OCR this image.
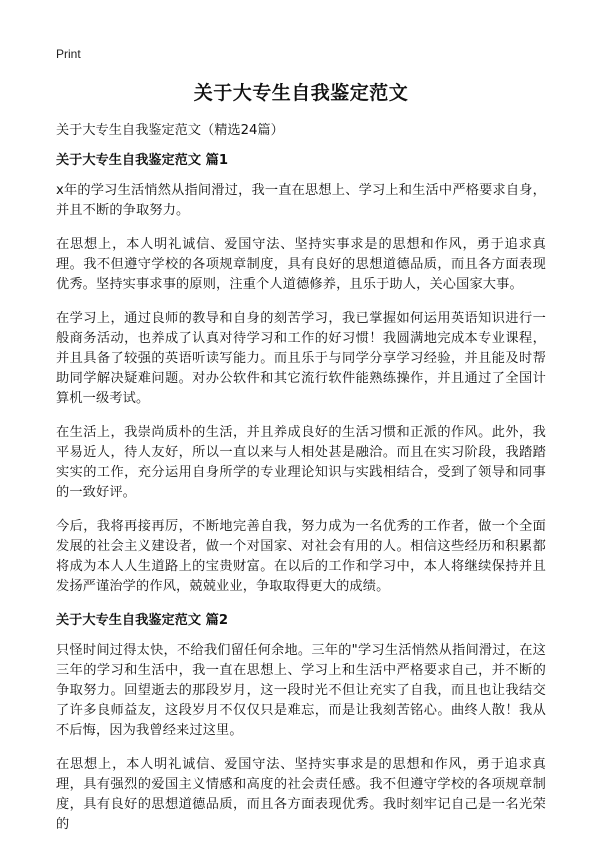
Print
关于大专生自我鉴定范文
关于大专生自我鉴定范文（精选24篇）
关于大专生自我鉴定范文 篇1

x年的学习生活悄然从指间滑过，我一直在思想上、学习上和生活中严格要求自身，并且不断的争取努力。

在思想上，本人明礼诚信、爱国守法、坚持实事求是的思想和作风，勇于追求真理。我不但遵守学校的各项规章制度，具有良好的思想道德品质，而且各方面表现优秀。坚持实事求事的原则，注重个人道德修养，且乐于助人，关心国家大事。

在学习上，通过良师的教导和自身的刻苦学习，我已掌握如何运用英语知识进行一般商务活动，也养成了认真对待学习和工作的好习惯！我圆满地完成本专业课程，并且具备了较强的英语听读写能力。而且乐于与同学分享学习经验，并且能及时帮助同学解决疑难问题。对办公软件和其它流行软件能熟练操作，并且通过了全国计算机一级考试。

在生活上，我崇尚质朴的生活，并且养成良好的生活习惯和正派的作风。此外，我平易近人，待人友好，所以一直以来与人相处甚是融洽。而且在实习阶段，我踏踏实实的工作，充分运用自身所学的专业理论知识与实践相结合，受到了领导和同事的一致好评。

今后，我将再接再厉，不断地完善自我，努力成为一名优秀的工作者，做一个全面发展的社会主义建设者，做一个对国家、对社会有用的人。相信这些经历和积累都将成为本人人生道路上的宝贵财富。在以后的工作和学习中，本人将继续保持并且发扬严谨治学的作风，兢兢业业，争取取得更大的成绩。

关于大专生自我鉴定范文 篇2

只怪时间过得太快，不给我们留任何余地。三年的"学习生活悄然从指间滑过，在这三年的学习和生活中，我一直在思想上、学习上和生活中严格要求自己，并不断的争取努力。回望逝去的那段岁月，这一段时光不但让充实了自我，而且也让我结交了许多良师益友，这段岁月不仅仅只是难忘，而是让我刻苦铭心。曲终人散！我从不后悔，因为我曾经来过这里。

在思想上，本人明礼诚信、爱国守法、坚持实事求是的思想和作风，勇于追求真理，具有强烈的爱国主义情感和高度的社会责任感。我不但遵守学校的各项规章制度，具有良好的思想道德品质，而且各方面表现优秀。我时刻牢记自己是一名光荣的
